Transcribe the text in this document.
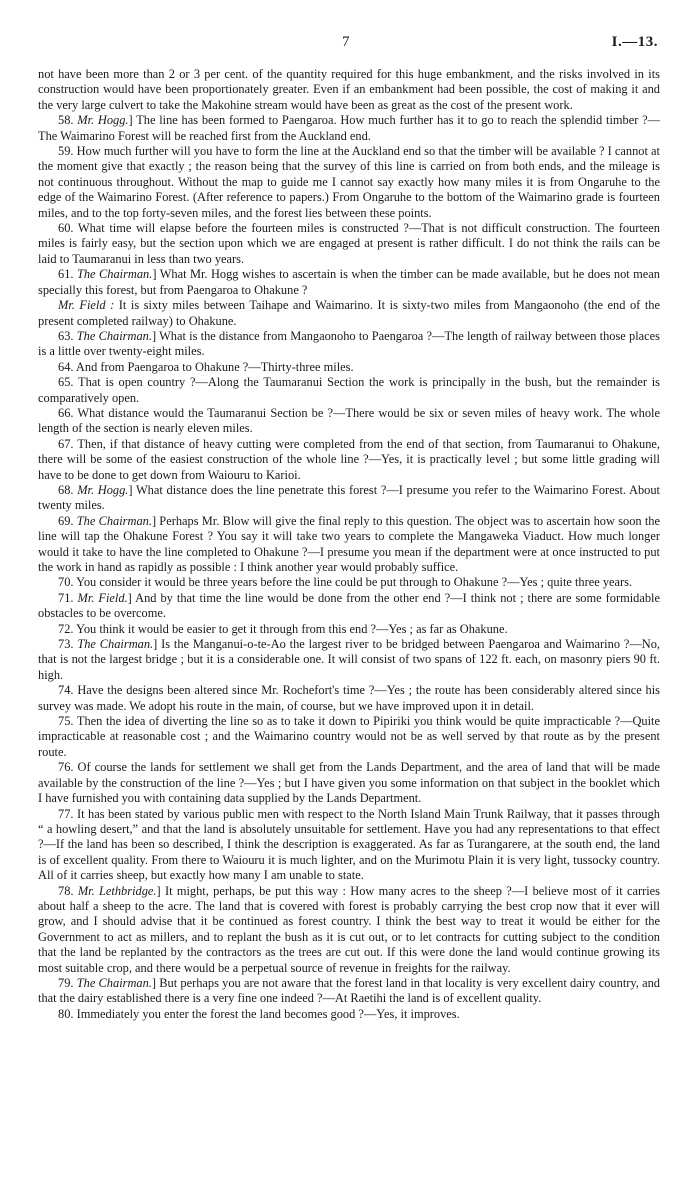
7	I.—13.

not have been more than 2 or 3 per cent. of the quantity required for this huge embankment, and the risks involved in its construction would have been proportionately greater. Even if an embankment had been possible, the cost of making it and the very large culvert to take the Makohine stream would have been as great as the cost of the present work.

58. Mr. Hogg.] The line has been formed to Paengaroa. How much further has it to go to reach the splendid timber ?—The Waimarino Forest will be reached first from the Auckland end.

59. How much further will you have to form the line at the Auckland end so that the timber will be available ? I cannot at the moment give that exactly ; the reason being that the survey of this line is carried on from both ends, and the mileage is not continuous throughout. Without the map to guide me I cannot say exactly how many miles it is from Ongaruhe to the edge of the Waimarino Forest. (After reference to papers.) From Ongaruhe to the bottom of the Waimarino grade is fourteen miles, and to the top forty-seven miles, and the forest lies between these points.

60. What time will elapse before the fourteen miles is constructed ?—That is not difficult construction. The fourteen miles is fairly easy, but the section upon which we are engaged at present is rather difficult. I do not think the rails can be laid to Taumaranui in less than two years.

61. The Chairman.] What Mr. Hogg wishes to ascertain is when the timber can be made available, but he does not mean specially this forest, but from Paengaroa to Ohakune ?

Mr. Field : It is sixty miles between Taihape and Waimarino. It is sixty-two miles from Mangaonoho (the end of the present completed railway) to Ohakune.

63. The Chairman.] What is the distance from Mangaonoho to Paengaroa ?—The length of railway between those places is a little over twenty-eight miles.

64. And from Paengaroa to Ohakune ?—Thirty-three miles.

65. That is open country ?—Along the Taumaranui Section the work is principally in the bush, but the remainder is comparatively open.

66. What distance would the Taumaranui Section be ?—There would be six or seven miles of heavy work. The whole length of the section is nearly eleven miles.

67. Then, if that distance of heavy cutting were completed from the end of that section, from Taumaranui to Ohakune, there will be some of the easiest construction of the whole line ?—Yes, it is practically level ; but some little grading will have to be done to get down from Waiouru to Karioi.

68. Mr. Hogg.] What distance does the line penetrate this forest ?—I presume you refer to the Waimarino Forest. About twenty miles.

69. The Chairman.] Perhaps Mr. Blow will give the final reply to this question. The object was to ascertain how soon the line will tap the Ohakune Forest ? You say it will take two years to complete the Mangaweka Viaduct. How much longer would it take to have the line completed to Ohakune ?—I presume you mean if the department were at once instructed to put the work in hand as rapidly as possible : I think another year would probably suffice.

70. You consider it would be three years before the line could be put through to Ohakune ?—Yes ; quite three years.

71. Mr. Field.] And by that time the line would be done from the other end ?—I think not ; there are some formidable obstacles to be overcome.

72. You think it would be easier to get it through from this end ?—Yes ; as far as Ohakune.

73. The Chairman.] Is the Manganui-o-te-Ao the largest river to be bridged between Paengaroa and Waimarino ?—No, that is not the largest bridge ; but it is a considerable one. It will consist of two spans of 122 ft. each, on masonry piers 90 ft. high.

74. Have the designs been altered since Mr. Rochefort's time ?—Yes ; the route has been considerably altered since his survey was made. We adopt his route in the main, of course, but we have improved upon it in detail.

75. Then the idea of diverting the line so as to take it down to Pipiriki you think would be quite impracticable ?—Quite impracticable at reasonable cost ; and the Waimarino country would not be as well served by that route as by the present route.

76. Of course the lands for settlement we shall get from the Lands Department, and the area of land that will be made available by the construction of the line ?—Yes ; but I have given you some information on that subject in the booklet which I have furnished you with containing data supplied by the Lands Department.

77. It has been stated by various public men with respect to the North Island Main Trunk Railway, that it passes through “ a howling desert,” and that the land is absolutely unsuitable for settlement. Have you had any representations to that effect ?—If the land has been so described, I think the description is exaggerated. As far as Turangarere, at the south end, the land is of excellent quality. From there to Waiouru it is much lighter, and on the Murimotu Plain it is very light, tussocky country. All of it carries sheep, but exactly how many I am unable to state.

78. Mr. Lethbridge.] It might, perhaps, be put this way : How many acres to the sheep ?—I believe most of it carries about half a sheep to the acre. The land that is covered with forest is probably carrying the best crop now that it ever will grow, and I should advise that it be continued as forest country. I think the best way to treat it would be either for the Government to act as millers, and to replant the bush as it is cut out, or to let contracts for cutting subject to the condition that the land be replanted by the contractors as the trees are cut out. If this were done the land would continue growing its most suitable crop, and there would be a perpetual source of revenue in freights for the railway.

79. The Chairman.] But perhaps you are not aware that the forest land in that locality is very excellent dairy country, and that the dairy established there is a very fine one indeed ?—At Raetihi the land is of excellent quality.

80. Immediately you enter the forest the land becomes good ?—Yes, it improves.
